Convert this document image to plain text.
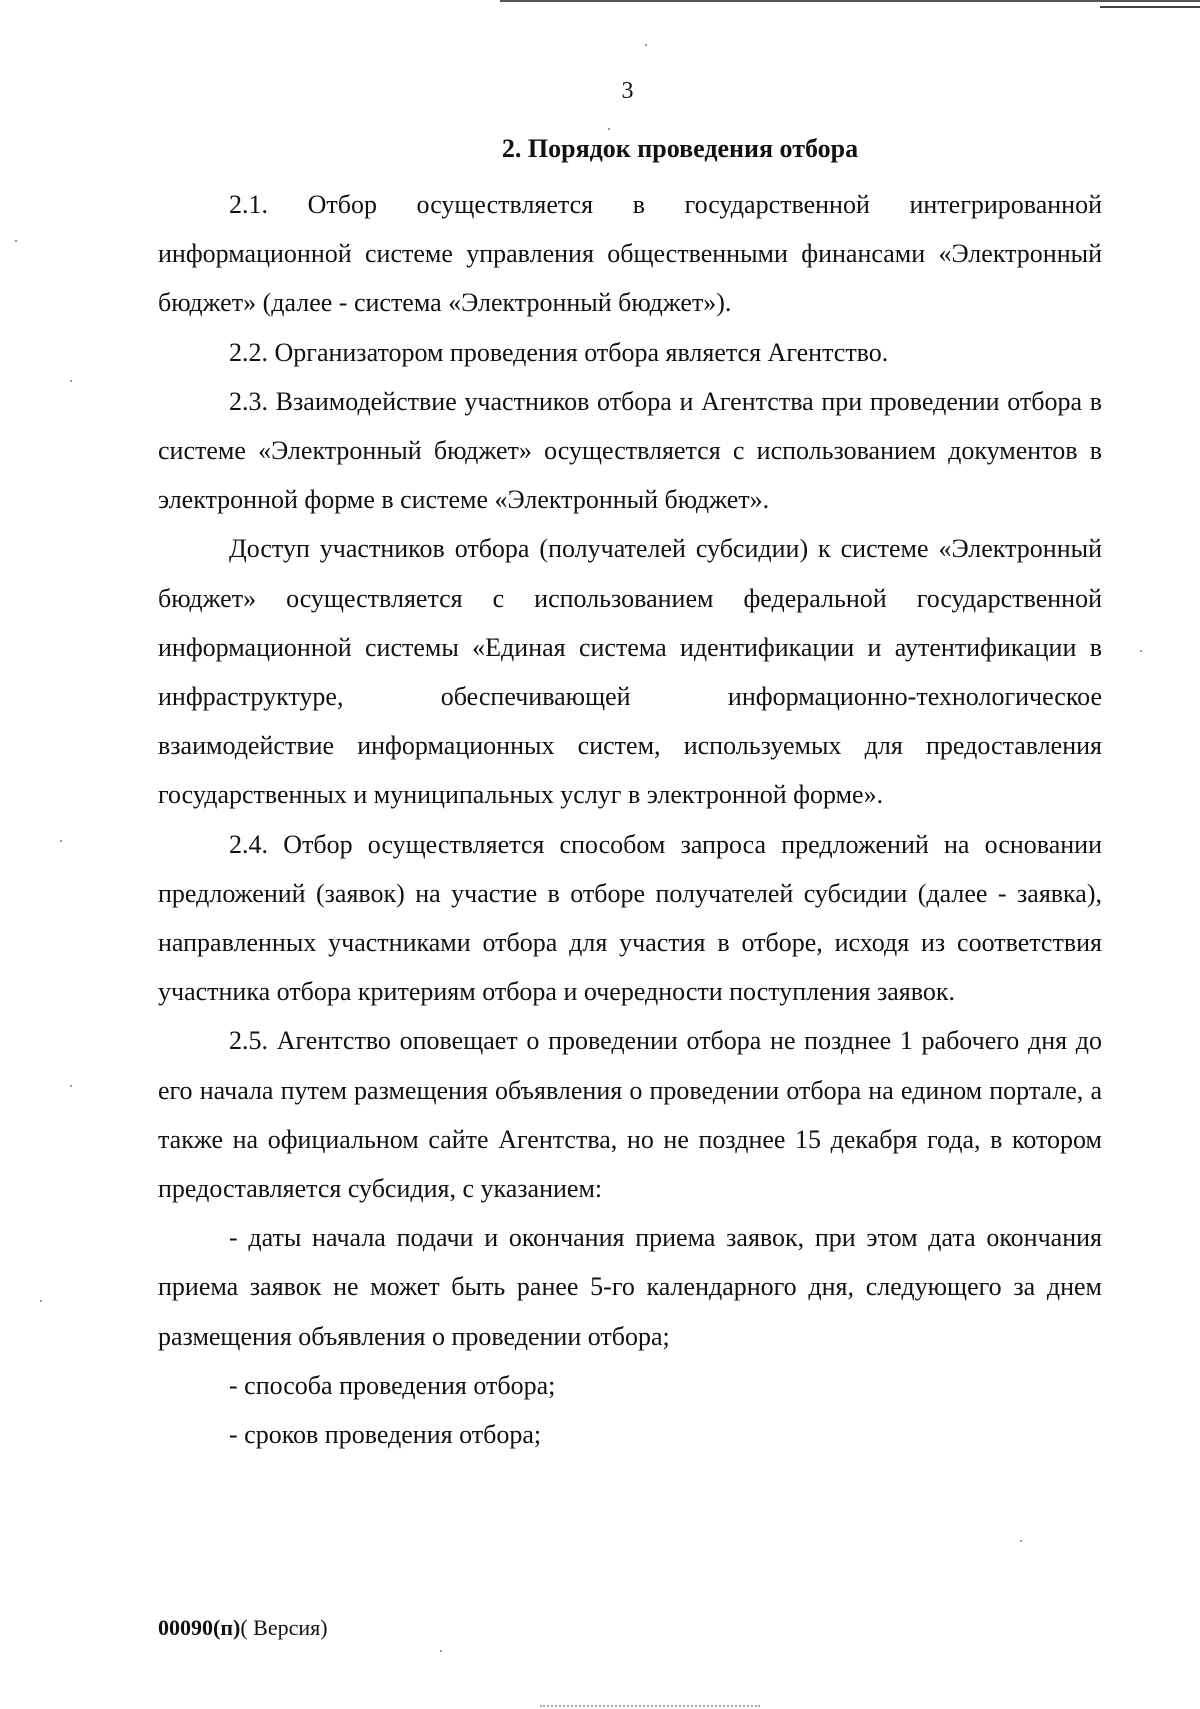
3
2. Порядок проведения отбора

2.1. Отбор осуществляется в государственной интегрированной информационной системе управления общественными финансами «Электронный бюджет» (далее - система «Электронный бюджет»).

2.2. Организатором проведения отбора является Агентство.

2.3. Взаимодействие участников отбора и Агентства при проведении отбора в системе «Электронный бюджет» осуществляется с использованием документов в электронной форме в системе «Электронный бюджет».

Доступ участников отбора (получателей субсидии) к системе «Электронный бюджет» осуществляется с использованием федеральной государственной информационной системы «Единая система идентификации и аутентификации в инфраструктуре, обеспечивающей информационно-технологическое взаимодействие информационных систем, используемых для предоставления государственных и муниципальных услуг в электронной форме».

2.4. Отбор осуществляется способом запроса предложений на основании предложений (заявок) на участие в отборе получателей субсидии (далее - заявка), направленных участниками отбора для участия в отборе, исходя из соответствия участника отбора критериям отбора и очередности поступления заявок.

2.5. Агентство оповещает о проведении отбора не позднее 1 рабочего дня до его начала путем размещения объявления о проведении отбора на едином портале, а также на официальном сайте Агентства, но не позднее 15 декабря года, в котором предоставляется субсидия, с указанием:

- даты начала подачи и окончания приема заявок, при этом дата окончания приема заявок не может быть ранее 5-го календарного дня, следующего за днем размещения объявления о проведении отбора;

- способа проведения отбора;

- сроков проведения отбора;

00090(п)( Версия)
